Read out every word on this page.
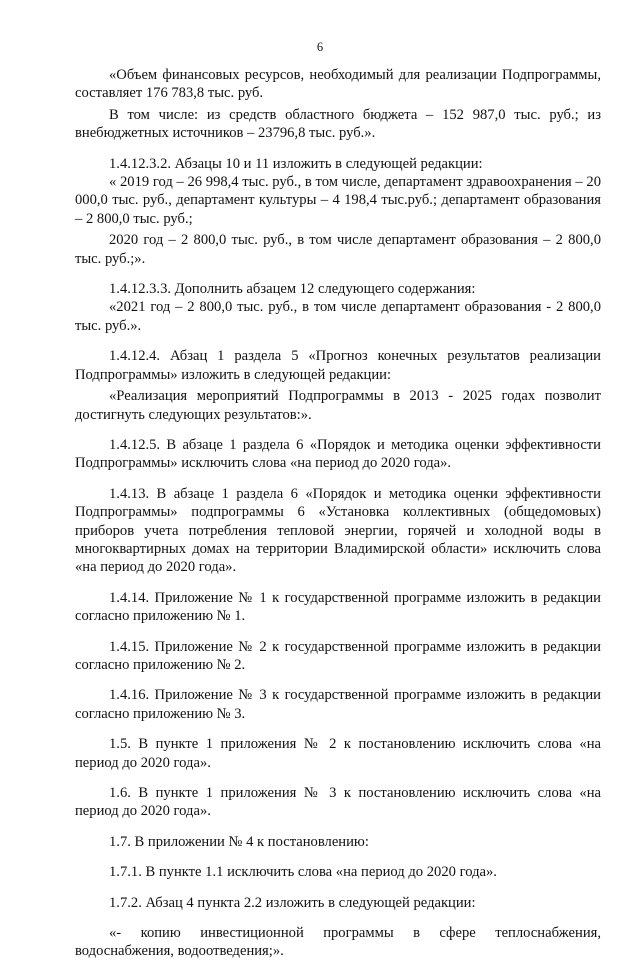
6

«Объем финансовых ресурсов, необходимый для реализации Подпрограммы, составляет 176 783,8 тыс. руб.

В том числе: из средств областного бюджета – 152 987,0 тыс. руб.; из внебюджетных источников – 23796,8 тыс. руб.».

1.4.12.3.2. Абзацы 10 и 11 изложить в следующей редакции:

« 2019 год – 26 998,4 тыс. руб., в том числе, департамент здравоохранения – 20 000,0 тыс. руб., департамент культуры – 4 198,4 тыс.руб.; департамент образования – 2 800,0 тыс. руб.;

2020 год – 2 800,0 тыс. руб., в том числе департамент образования – 2 800,0 тыс. руб.;».

1.4.12.3.3. Дополнить абзацем 12 следующего содержания:

«2021 год – 2 800,0 тыс. руб., в том числе департамент образования - 2 800,0 тыс. руб.».

1.4.12.4. Абзац 1 раздела 5 «Прогноз конечных результатов реализации Подпрограммы» изложить в следующей редакции:

«Реализация мероприятий Подпрограммы в 2013 - 2025 годах позволит достигнуть следующих результатов:».

1.4.12.5. В абзаце 1 раздела 6 «Порядок и методика оценки эффективности Подпрограммы» исключить слова «на период до 2020 года».

1.4.13. В абзаце 1 раздела 6 «Порядок и методика оценки эффективности Подпрограммы» подпрограммы 6 «Установка коллективных (общедомовых) приборов учета потребления тепловой энергии, горячей и холодной воды в многоквартирных домах на территории Владимирской области» исключить слова «на период до 2020 года».

1.4.14. Приложение № 1 к государственной программе изложить в редакции согласно приложению № 1.

1.4.15. Приложение № 2 к государственной программе изложить в редакции согласно приложению № 2.

1.4.16. Приложение № 3 к государственной программе изложить в редакции согласно приложению № 3.

1.5. В пункте 1 приложения № 2 к постановлению исключить слова «на период до 2020 года».

1.6. В пункте 1 приложения № 3 к постановлению исключить слова «на период до 2020 года».

1.7. В приложении № 4 к постановлению:

1.7.1. В пункте 1.1 исключить слова «на период до 2020 года».

1.7.2. Абзац 4 пункта 2.2 изложить в следующей редакции:

«- копию инвестиционной программы в сфере теплоснабжения, водоснабжения, водоотведения;».
